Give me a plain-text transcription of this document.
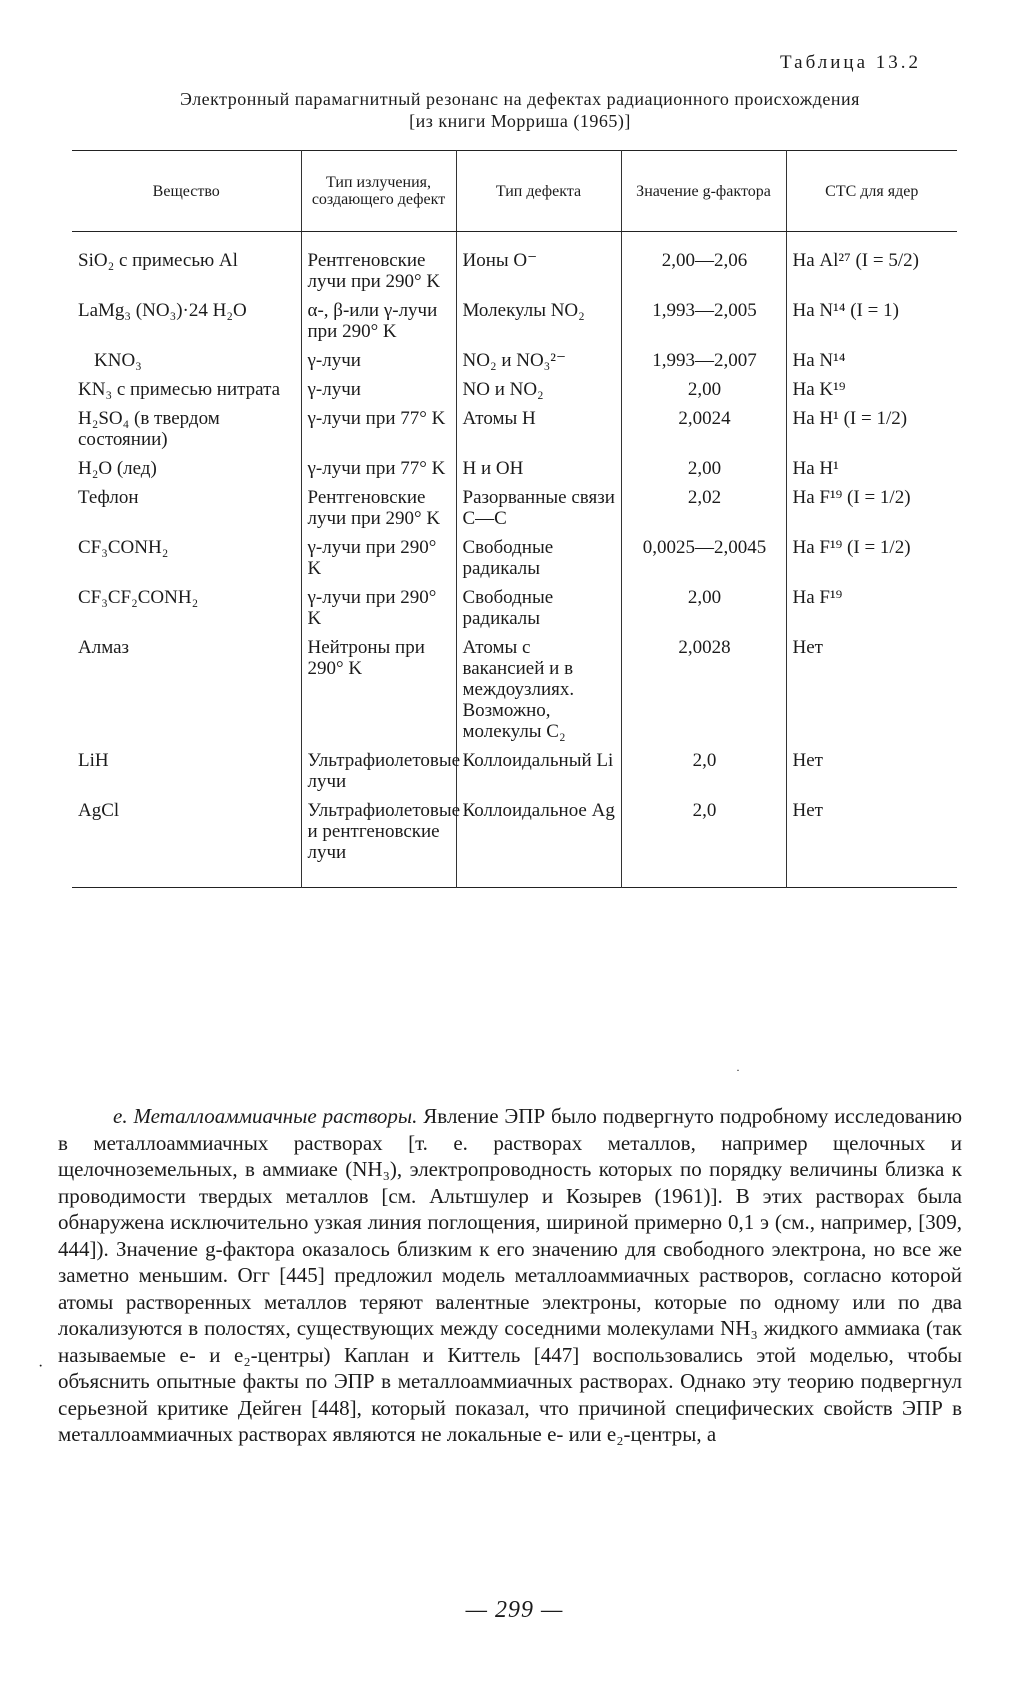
Таблица 13.2
Электронный парамагнитный резонанс на дефектах радиационного происхождения
[из книги Морриша (1965)]
Вещество	Тип излучения, создающего дефект	Тип дефекта	Значение g-фактора	СТС для ядер
SiO₂ с примесью Al	Рентгеновские лучи при 290° K	Ионы O⁻	2,00—2,06	На Al²⁷ (I = 5/2)
LaMg₃ (NO₃)·24 H₂O	α-, β-или γ-лучи при 290° K	Молекулы NO₂	1,993—2,005	На N¹⁴ (I = 1)
KNO₃	γ-лучи	NO₂ и NO₃²⁻	1,993—2,007	На N¹⁴
KN₃ с примесью нитрата	γ-лучи	NO и NO₂	2,00	На K¹⁹
H₂SO₄ (в твердом состоянии)	γ-лучи при 77° K	Атомы H	2,0024	На H¹ (I = 1/2)
H₂O (лед)	γ-лучи при 77° K	H и OH	2,00	На H¹
Тефлон	Рентгеновские лучи при 290° K	Разорванные связи C—C	2,02	На F¹⁹ (I = 1/2)
CF₃CONH₂	γ-лучи при 290° K	Свободные радикалы	0,0025—2,0045	На F¹⁹ (I = 1/2)
CF₃CF₂CONH₂	γ-лучи при 290° K	Свободные радикалы	2,00	На F¹⁹
Алмаз	Нейтроны при 290° K	Атомы с вакансией и в междоузлиях. Возможно, молекулы C₂	2,0028	Нет
LiH	Ультрафиолетовые лучи	Коллоидальный Li	2,0	Нет
AgCl	Ультрафиолетовые и рентгеновские лучи	Коллоидальное Ag	2,0	Нет
·

е. Металлоаммиачные растворы. Явление ЭПР было подвергнуто подробному исследованию в металлоаммиачных растворах [т. е. растворах металлов, например щелочных и щелочноземельных, в аммиаке (NH₃), электропроводность которых по порядку величины близка к проводимости твердых металлов [см. Альтшулер и Козырев (1961)]. В этих растворах была обнаружена исключительно узкая линия поглощения, шириной примерно 0,1 э (см., например, [309, 444]). Значение g-фактора оказалось близким к его значению для свободного электрона, но все же заметно меньшим. Огг [445] предложил модель металлоаммиачных растворов, согласно которой атомы растворенных металлов теряют валентные электроны, которые по одному или по два локализуются в полостях, существующих между соседними молекулами NH₃ жидкого аммиака (так называемые е- и е₂-центры) Каплан и Киттель [447] воспользовались этой моделью, чтобы объяснить опытные факты по ЭПР в металлоаммиачных растворах. Однако эту теорию подвергнул серьезной критике Дейген [448], который показал, что причиной специфических свойств ЭПР в металлоаммиачных растворах являются не локальные е- или е₂-центры, а

·
— 299 —
